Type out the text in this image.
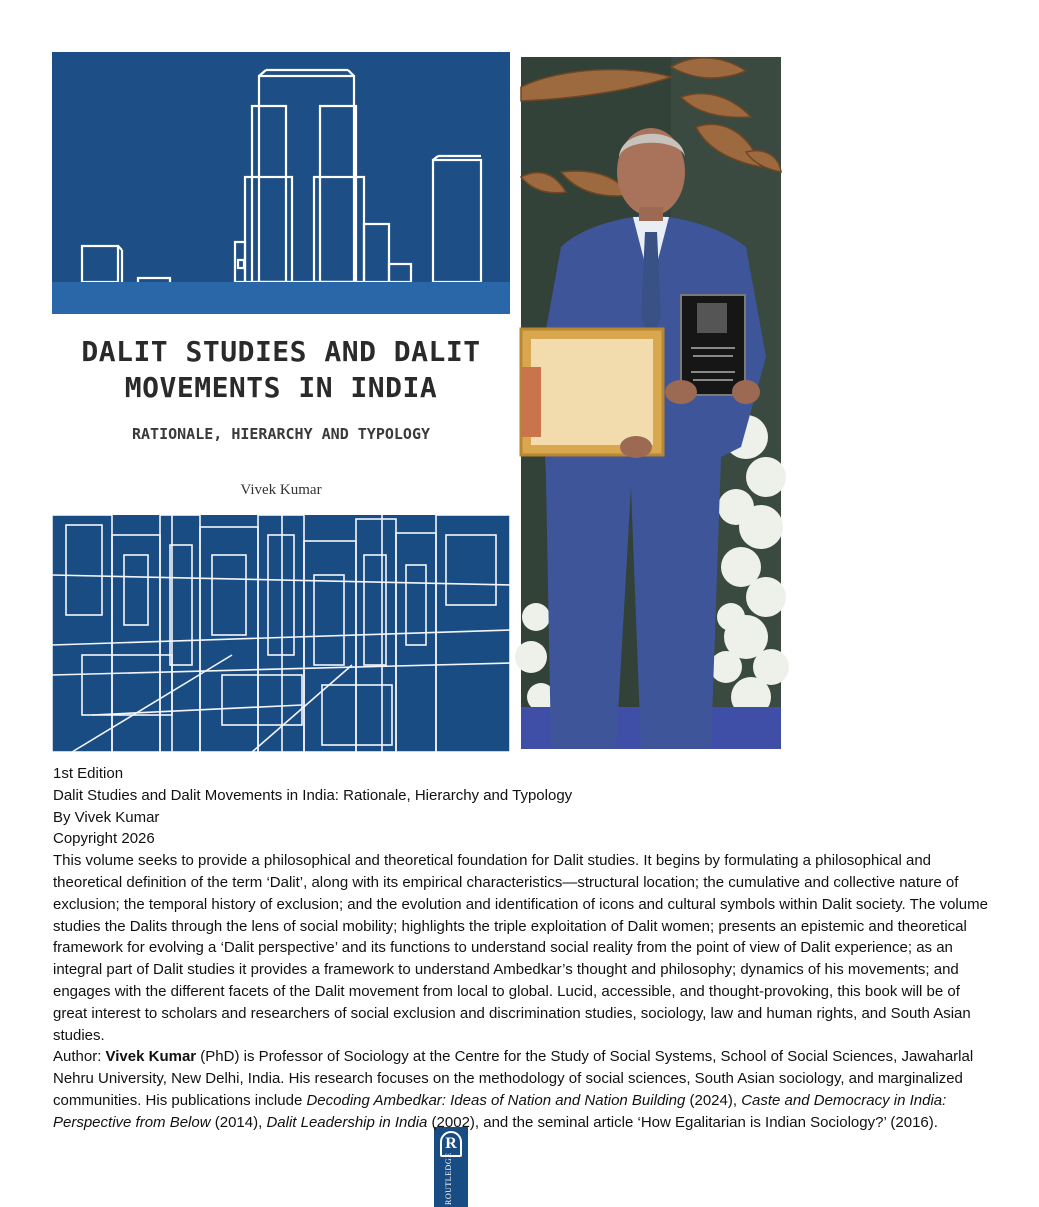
DALIT STUDIES AND DALIT
MOVEMENTS IN INDIA
RATIONALE, HIERARCHY AND TYPOLOGY
Vivek Kumar
R
ROUTLEDGE

1st Edition

Dalit Studies and Dalit Movements in India: Rationale, Hierarchy and Typology

By Vivek Kumar

Copyright 2026

This volume seeks to provide a philosophical and theoretical foundation for Dalit studies. It begins by formulating a philosophical and theoretical definition of the term ‘Dalit’, along with its empirical characteristics—structural location; the cumulative and collective nature of exclusion; the temporal history of exclusion; and the evolution and identification of icons and cultural symbols within Dalit society. The volume studies the Dalits through the lens of social mobility; highlights the triple exploitation of Dalit women; presents an epistemic and theoretical framework for evolving a ‘Dalit perspective’ and its functions to understand social reality from the point of view of Dalit experience; as an integral part of Dalit studies it provides a framework to understand Ambedkar’s thought and philosophy; dynamics of his movements; and engages with the different facets of the Dalit movement from local to global. Lucid, accessible, and thought-provoking, this book will be of great interest to scholars and researchers of social exclusion and discrimination studies, sociology, law and human rights, and South Asian studies.

Author: Vivek Kumar (PhD) is Professor of Sociology at the Centre for the Study of Social Systems, School of Social Sciences, Jawaharlal Nehru University, New Delhi, India. His research focuses on the methodology of social sciences, South Asian sociology, and marginalized communities. His publications include Decoding Ambedkar: Ideas of Nation and Nation Building (2024), Caste and Democracy in India: Perspective from Below (2014), Dalit Leadership in India (2002), and the seminal article ‘How Egalitarian is Indian Sociology?’ (2016).
